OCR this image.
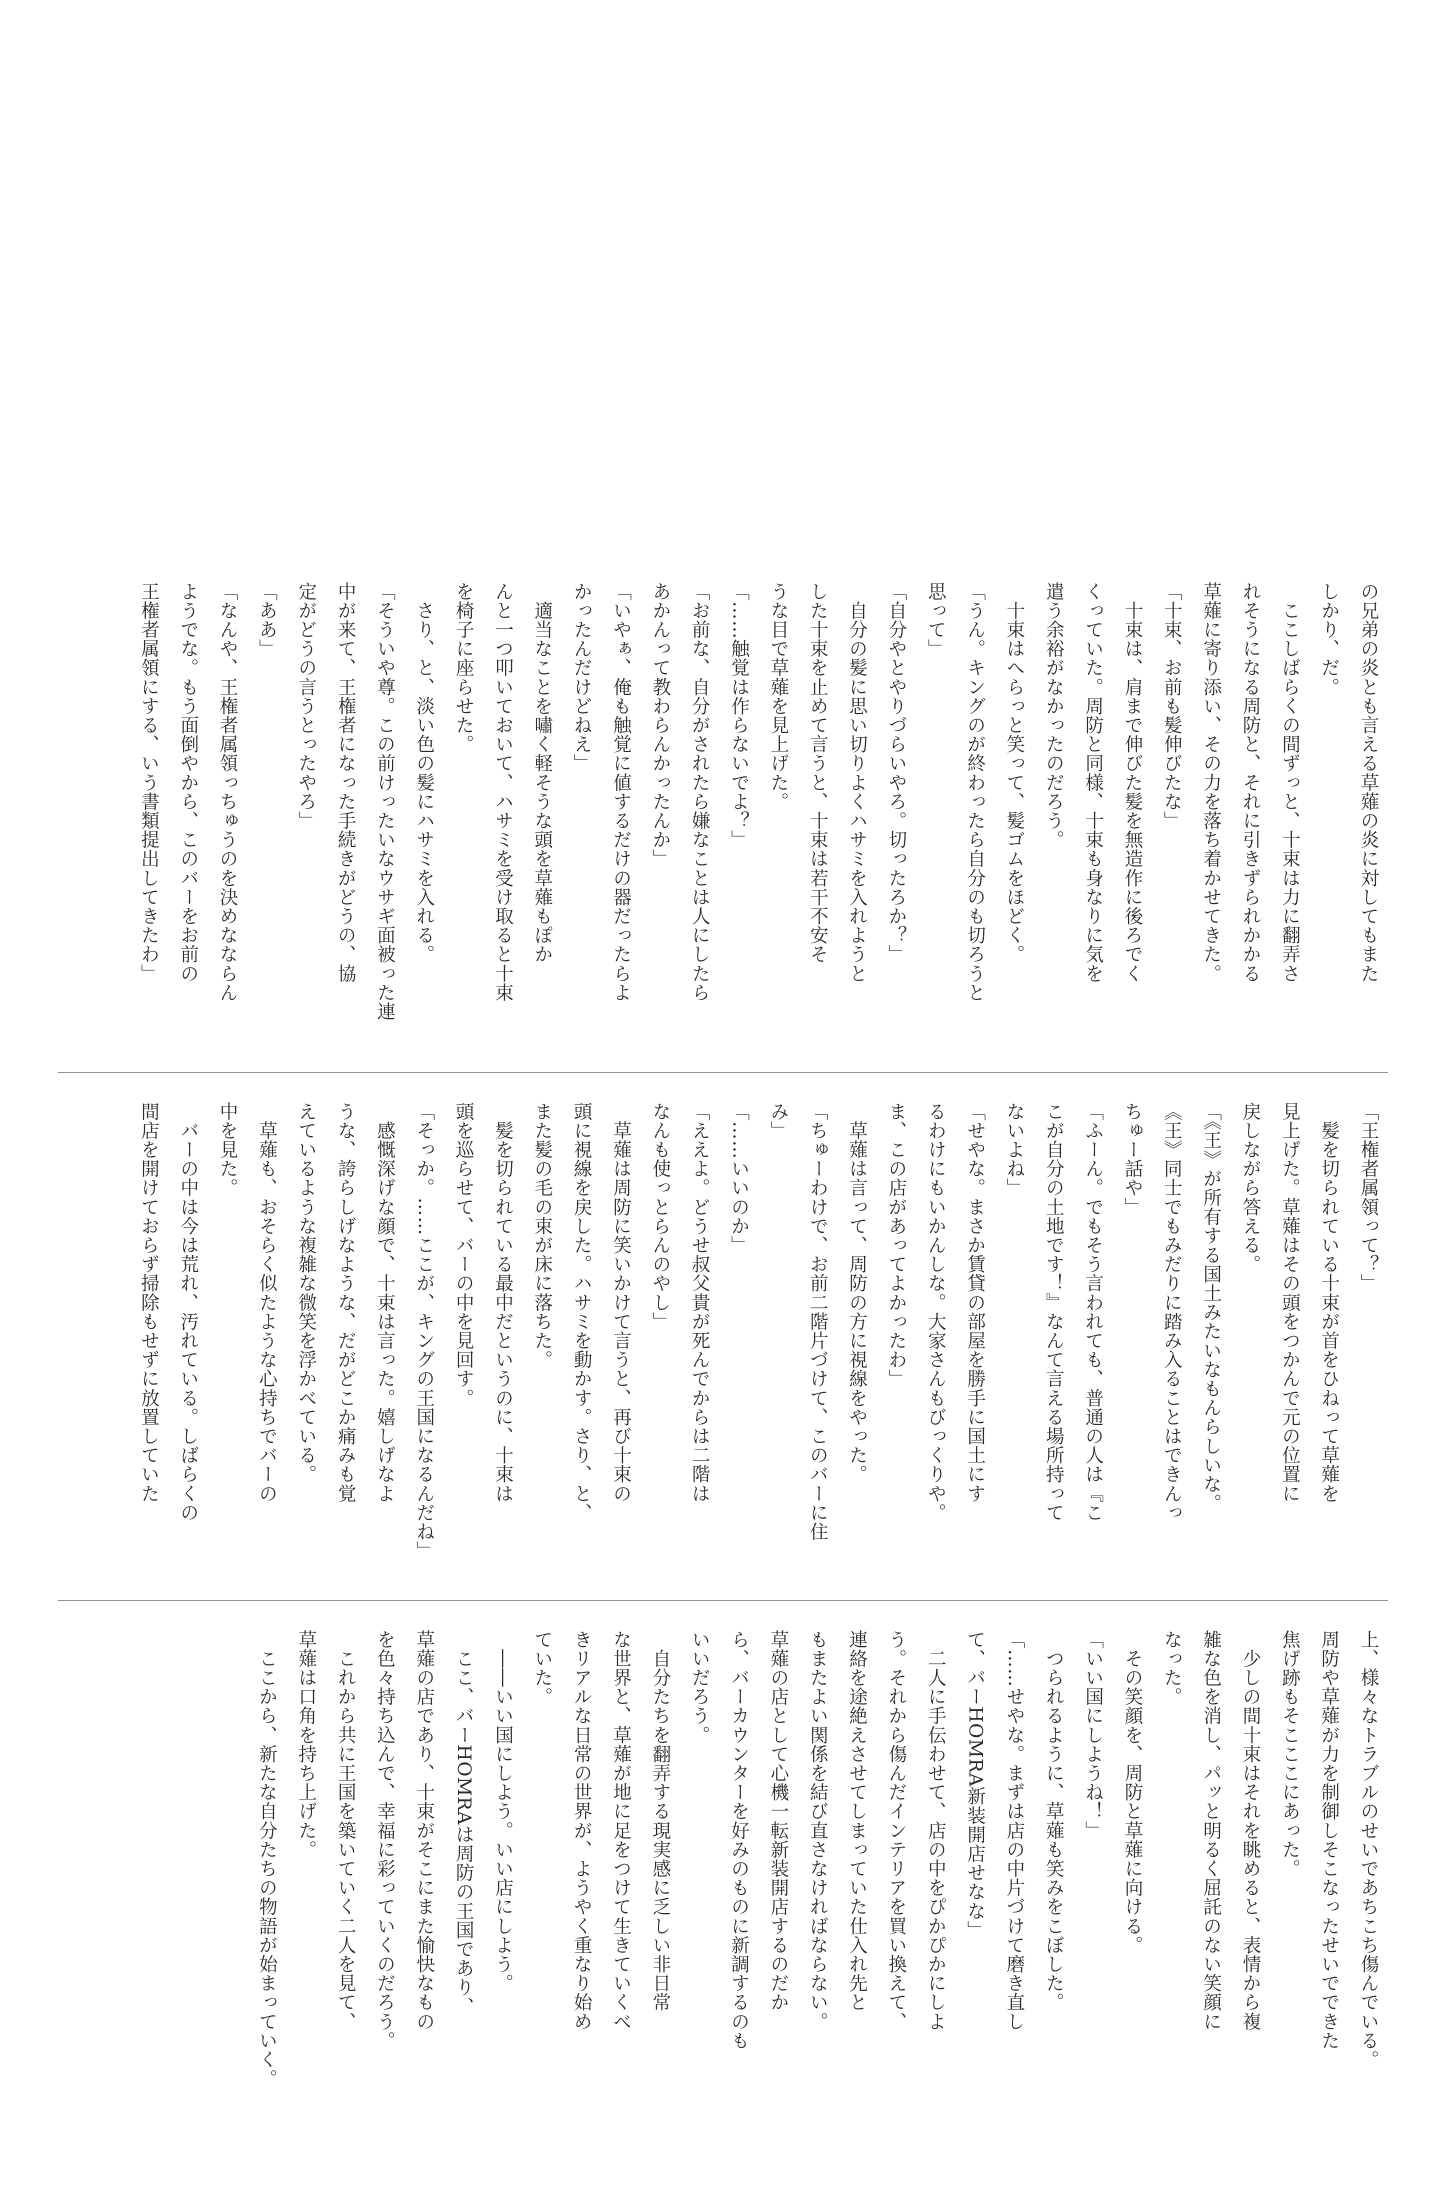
の兄弟の炎とも言える草薙の炎に対してもまた

しかり、だ。

　ここしばらくの間ずっと、十束は力に翻弄さ

れそうになる周防と、それに引きずられかかる

草薙に寄り添い、その力を落ち着かせてきた。

「十束、お前も髪伸びたな」

　十束は、肩まで伸びた髪を無造作に後ろでく

くっていた。周防と同様、十束も身なりに気を

遣う余裕がなかったのだろう。

　十束はへらっと笑って、髪ゴムをほどく。

「うん。キングのが終わったら自分のも切ろうと

思って」

「自分やとやりづらいやろ。切ったろか？」

　自分の髪に思い切りよくハサミを入れようと

した十束を止めて言うと、十束は若干不安そ

うな目で草薙を見上げた。

「……触覚は作らないでよ？」

「お前な、自分がされたら嫌なことは人にしたら

あかんって教わらんかったんか」

「いやぁ、俺も触覚に値するだけの器だったらよ

かったんだけどねえ」

　適当なことを嘯く軽そうな頭を草薙もぽか

んと一つ叩いておいて、ハサミを受け取ると十束

を椅子に座らせた。

　さり、と、淡い色の髪にハサミを入れる。

「そういや尊。この前けったいなウサギ面被った連

中が来て、王権者になった手続きがどうの、協

定がどうの言うとったやろ」

「ああ」

「なんや、王権者属領っちゅうのを決めなならん

ようでな。もう面倒やから、このバーをお前の

王権者属領にする、いう書類提出してきたわ」

「王権者属領って？」

　髪を切られている十束が首をひねって草薙を

見上げた。草薙はその頭をつかんで元の位置に

戻しながら答える。

「《王》が所有する国土みたいなもんらしいな。

《王》同士でもみだりに踏み入ることはできんっ

ちゅー話や」

「ふーん。でもそう言われても、普通の人は『こ

こが自分の土地です！』なんて言える場所持って

ないよね」

「せやな。まさか賃貸の部屋を勝手に国土にす

るわけにもいかんしな。大家さんもびっくりや。

ま、この店があってよかったわ」

　草薙は言って、周防の方に視線をやった。

「ちゅーわけで、お前二階片づけて、このバーに住

み」

「……いいのか」

「ええよ。どうせ叔父貴が死んでからは二階は

なんも使っとらんのやし」

　草薙は周防に笑いかけて言うと、再び十束の

頭に視線を戻した。ハサミを動かす。さり、と、

また髪の毛の束が床に落ちた。

　髪を切られている最中だというのに、十束は

頭を巡らせて、バーの中を見回す。

「そっか。……ここが、キングの王国になるんだね」

　感慨深げな顔で、十束は言った。嬉しげなよ

うな、誇らしげなような、だがどこか痛みも覚

えているような複雑な微笑を浮かべている。

　草薙も、おそらく似たような心持ちでバーの

中を見た。

　バーの中は今は荒れ、汚れている。しばらくの

間店を開けておらず掃除もせずに放置していた

上、様々なトラブルのせいであちこち傷んでいる。

周防や草薙が力を制御しそこなったせいでできた

焦げ跡もそこここにあった。

　少しの間十束はそれを眺めると、表情から複

雑な色を消し、パッと明るく屈託のない笑顔に

なった。

　その笑顔を、周防と草薙に向ける。

「いい国にしようね！」

　つられるように、草薙も笑みをこぼした。

「……せやな。まずは店の中片づけて磨き直し

て、バーHOMRA新装開店せなな」

　二人に手伝わせて、店の中をぴかぴかにしよ

う。それから傷んだインテリアを買い換えて、

連絡を途絶えさせてしまっていた仕入れ先と

もまたよい関係を結び直さなければならない。

草薙の店として心機一転新装開店するのだか

ら、バーカウンターを好みのものに新調するのも

いいだろう。

　自分たちを翻弄する現実感に乏しい非日常

な世界と、草薙が地に足をつけて生きていくべ

きリアルな日常の世界が、ようやく重なり始め

ていた。

　――いい国にしよう。いい店にしよう。

　ここ、バーHOMRAは周防の王国であり、

草薙の店であり、十束がそこにまた愉快なもの

を色々持ち込んで、幸福に彩っていくのだろう。

　これから共に王国を築いていく二人を見て、

草薙は口角を持ち上げた。

　ここから、新たな自分たちの物語が始まっていく。
